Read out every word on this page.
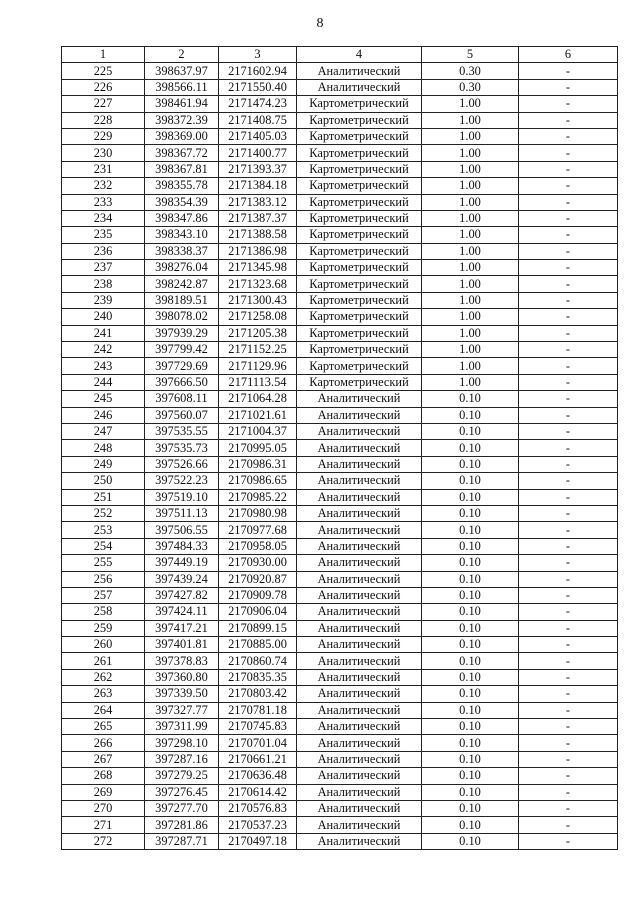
8
1	2	3	4	5	6
225	398637.97	2171602.94	Аналитический	0.30	-
226	398566.11	2171550.40	Аналитический	0.30	-
227	398461.94	2171474.23	Картометрический	1.00	-
228	398372.39	2171408.75	Картометрический	1.00	-
229	398369.00	2171405.03	Картометрический	1.00	-
230	398367.72	2171400.77	Картометрический	1.00	-
231	398367.81	2171393.37	Картометрический	1.00	-
232	398355.78	2171384.18	Картометрический	1.00	-
233	398354.39	2171383.12	Картометрический	1.00	-
234	398347.86	2171387.37	Картометрический	1.00	-
235	398343.10	2171388.58	Картометрический	1.00	-
236	398338.37	2171386.98	Картометрический	1.00	-
237	398276.04	2171345.98	Картометрический	1.00	-
238	398242.87	2171323.68	Картометрический	1.00	-
239	398189.51	2171300.43	Картометрический	1.00	-
240	398078.02	2171258.08	Картометрический	1.00	-
241	397939.29	2171205.38	Картометрический	1.00	-
242	397799.42	2171152.25	Картометрический	1.00	-
243	397729.69	2171129.96	Картометрический	1.00	-
244	397666.50	2171113.54	Картометрический	1.00	-
245	397608.11	2171064.28	Аналитический	0.10	-
246	397560.07	2171021.61	Аналитический	0.10	-
247	397535.55	2171004.37	Аналитический	0.10	-
248	397535.73	2170995.05	Аналитический	0.10	-
249	397526.66	2170986.31	Аналитический	0.10	-
250	397522.23	2170986.65	Аналитический	0.10	-
251	397519.10	2170985.22	Аналитический	0.10	-
252	397511.13	2170980.98	Аналитический	0.10	-
253	397506.55	2170977.68	Аналитический	0.10	-
254	397484.33	2170958.05	Аналитический	0.10	-
255	397449.19	2170930.00	Аналитический	0.10	-
256	397439.24	2170920.87	Аналитический	0.10	-
257	397427.82	2170909.78	Аналитический	0.10	-
258	397424.11	2170906.04	Аналитический	0.10	-
259	397417.21	2170899.15	Аналитический	0.10	-
260	397401.81	2170885.00	Аналитический	0.10	-
261	397378.83	2170860.74	Аналитический	0.10	-
262	397360.80	2170835.35	Аналитический	0.10	-
263	397339.50	2170803.42	Аналитический	0.10	-
264	397327.77	2170781.18	Аналитический	0.10	-
265	397311.99	2170745.83	Аналитический	0.10	-
266	397298.10	2170701.04	Аналитический	0.10	-
267	397287.16	2170661.21	Аналитический	0.10	-
268	397279.25	2170636.48	Аналитический	0.10	-
269	397276.45	2170614.42	Аналитический	0.10	-
270	397277.70	2170576.83	Аналитический	0.10	-
271	397281.86	2170537.23	Аналитический	0.10	-
272	397287.71	2170497.18	Аналитический	0.10	-
